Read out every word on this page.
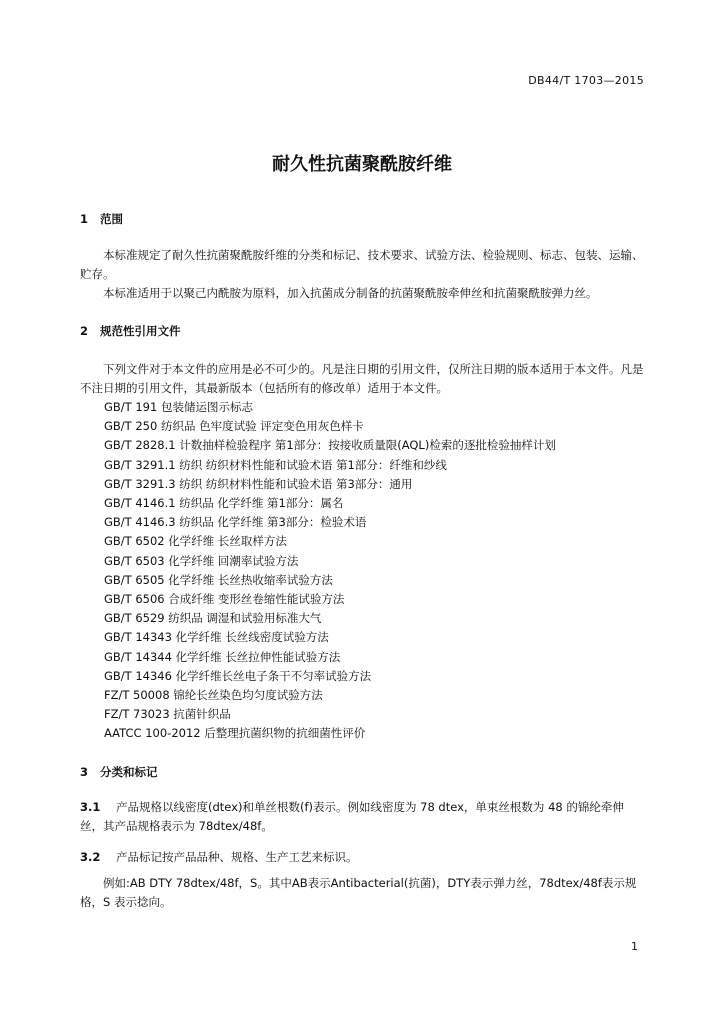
DB44/T 1703—2015
耐久性抗菌聚酰胺纤维
1 范围
本标准规定了耐久性抗菌聚酰胺纤维的分类和标记、技术要求、试验方法、检验规则、标志、包装、运输、贮存。
本标准适用于以聚己内酰胺为原料，加入抗菌成分制备的抗菌聚酰胺牵伸丝和抗菌聚酰胺弹力丝。
2 规范性引用文件
下列文件对于本文件的应用是必不可少的。凡是注日期的引用文件，仅所注日期的版本适用于本文件。凡是不注日期的引用文件，其最新版本（包括所有的修改单）适用于本文件。
GB/T 191 包装储运图示标志
GB/T 250 纺织品 色牢度试验 评定变色用灰色样卡
GB/T 2828.1 计数抽样检验程序 第1部分：按接收质量限(AQL)检索的逐批检验抽样计划
GB/T 3291.1 纺织 纺织材料性能和试验术语 第1部分：纤维和纱线
GB/T 3291.3 纺织 纺织材料性能和试验术语 第3部分：通用
GB/T 4146.1 纺织品 化学纤维 第1部分：属名
GB/T 4146.3 纺织品 化学纤维 第3部分：检验术语
GB/T 6502 化学纤维 长丝取样方法
GB/T 6503 化学纤维 回潮率试验方法
GB/T 6505 化学纤维 长丝热收缩率试验方法
GB/T 6506 合成纤维 变形丝卷缩性能试验方法
GB/T 6529 纺织品 调湿和试验用标准大气
GB/T 14343 化学纤维 长丝线密度试验方法
GB/T 14344 化学纤维 长丝拉伸性能试验方法
GB/T 14346 化学纤维长丝电子条干不匀率试验方法
FZ/T 50008 锦纶长丝染色均匀度试验方法
FZ/T 73023 抗菌针织品
AATCC 100-2012 后整理抗菌织物的抗细菌性评价
3 分类和标记
3.1 产品规格以线密度(dtex)和单丝根数(f)表示。例如线密度为 78 dtex，单束丝根数为 48 的锦纶牵伸丝，其产品规格表示为 78dtex/48f。
3.2 产品标记按产品品种、规格、生产工艺来标识。
例如:AB DTY 78dtex/48f，S。其中AB表示Antibacterial(抗菌)，DTY表示弹力丝，78dtex/48f表示规格，S 表示捻向。
1
